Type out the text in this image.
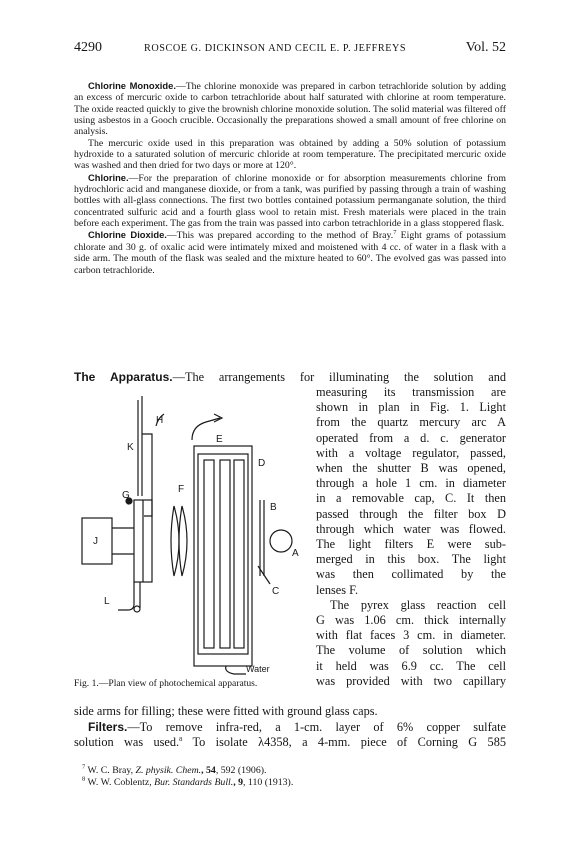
4290	ROSCOE G. DICKINSON AND CECIL E. P. JEFFREYS	Vol. 52

Chlorine Monoxide.—The chlorine monoxide was prepared in carbon tetrachloride solution by adding an excess of mercuric oxide to carbon tetrachloride about half saturated with chlorine at room temperature. The oxide reacted quickly to give the brownish chlorine monoxide solution. The solid material was filtered off using asbestos in a Gooch crucible. Occasionally the preparations showed a small amount of free chlorine on analysis.

The mercuric oxide used in this preparation was obtained by adding a 50% solution of potassium hydroxide to a saturated solution of mercuric chloride at room temperature. The precipitated mercuric oxide was washed and then dried for two days or more at 120°.

Chlorine.—For the preparation of chlorine monoxide or for absorption measurements chlorine from hydrochloric acid and manganese dioxide, or from a tank, was purified by passing through a train of washing bottles with all-glass connections. The first two bottles contained potassium permanganate solution, the third concentrated sulfuric acid and a fourth glass wool to retain mist. Fresh materials were placed in the train before each experiment. The gas from the train was passed into carbon tetrachloride in a glass stoppered flask.

Chlorine Dioxide.—This was prepared according to the method of Bray.$^7$ Eight grams of potassium chlorate and 30 g. of oxalic acid were intimately mixed and moistened with 4 cc. of water in a flask with a side arm. The mouth of the flask was sealed and the mixture heated to 60°. The evolved gas was passed into carbon tetrachloride.

The Apparatus.—The arrangements for illuminating the solution and

measuring its transmission are

shown in plan in Fig. 1. Light

from the quartz mercury arc A

operated from a d. c. generator

with a voltage regulator, passed,

when the shutter B was opened,

through a hole 1 cm. in diameter

in a removable cap, C. It then

passed through the filter box D

through which water was flowed.

The light filters E were sub-

merged in this box. The light

was then collimated by the

lenses F.

The pyrex glass reaction cell

G was 1.06 cm. thick internally

with flat faces 3 cm. in diameter.

The volume of solution which

it held was 6.9 cc. The cell

was provided with two capillary

side arms for filling; these were fitted with ground glass caps.

Filters.—To remove infra-red, a 1-cm. layer of 6% copper sulfate

solution was used.$^8$ To isolate λ4358, a 4-mm. piece of Corning G 585

K
H
E
D
G
F
B
J
A
C
L
Water
Fig. 1.—Plan view of photochemical apparatus.
$^7$ W. C. Bray, Z. physik. Chem., 54, 592 (1906).
$^8$ W. W. Coblentz, Bur. Standards Bull., 9, 110 (1913).
